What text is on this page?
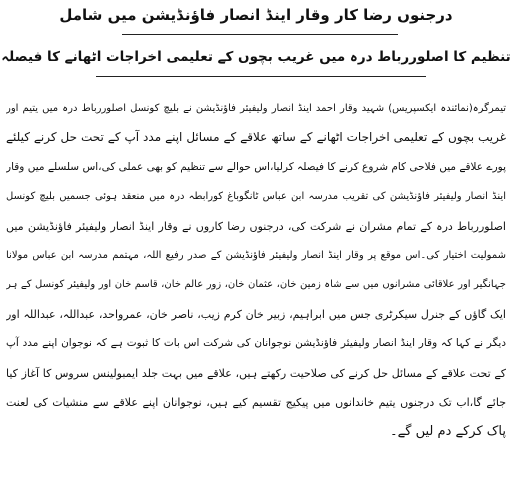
درجنوں رضا کار وقار اینڈ انصار فاؤنڈیشن میں شامل
تنظیم کا اصلوررباط درہ میں غریب بچوں کے تعلیمی اخراجات اٹھانے کا فیصلہ
تیمرگرہ(نمائندہ ایکسپریس) شہید وقار احمد اینڈ انصار ولیفیئر فاؤنڈیشن نے بلیچ کونسل اصلوررباط درہ میں یتیم اور
غریب بچوں کے تعلیمی اخراجات اٹھانے کے ساتھ علاقے کے مسائل اپنے مدد آپ کے تحت حل کرنے کیلئے
پورے علاقے میں فلاحی کام شروع کرنے کا فیصلہ کرلیا،اس حوالے سے تنظیم کو بھی عملی کی،اس سلسلے میں وقار
اینڈ انصار ولیفیئر فاؤنڈیشن کی تقریب مدرسہ ابن عباس ٹانگوباغ کورابطہ درہ میں منعقد ہوئی جسمیں بلیچ کونسل
اصلوررباط درہ کے تمام مشران نے شرکت کی، درجنوں رضا کاروں نے وقار اینڈ انصار ولیفیئر فاؤنڈیشن میں
شمولیت اختیار کی۔اس موقع پر وقار اینڈ انصار ولیفیئر فاؤنڈیشن کے صدر رفیع اللہ، مہتمم مدرسہ ابن عباس مولانا
جہانگیر اور علاقائی مشرانوں میں سے شاہ زمین خان، عثمان خان، زور عالم خان، قاسم خان اور ولیفیئر کونسل کے ہر
ایک گاؤں کے جنرل سیکرٹری جس میں ابراہیم، زبیر خان کرم زیب، ناصر خان، عمرواحد، عبداللہ، عبداللہ اور
دیگر نے کہا کہ وقار اینڈ انصار ولیفیئر فاؤنڈیشن نوجوانان کی شرکت اس بات کا ثبوت ہے کہ نوجوان اپنے مدد آپ
کے تحت علاقے کے مسائل حل کرنے کی صلاحیت رکھتے ہیں، علاقے میں بہت جلد ایمبولینس سروس کا آغاز کیا
جائے گا،اب تک درجنوں یتیم خاندانوں میں پیکیج تقسیم کیے ہیں، نوجوانان اپنے علاقے سے منشیات کی لعنت
پاک کرکے دم لیں گے۔
